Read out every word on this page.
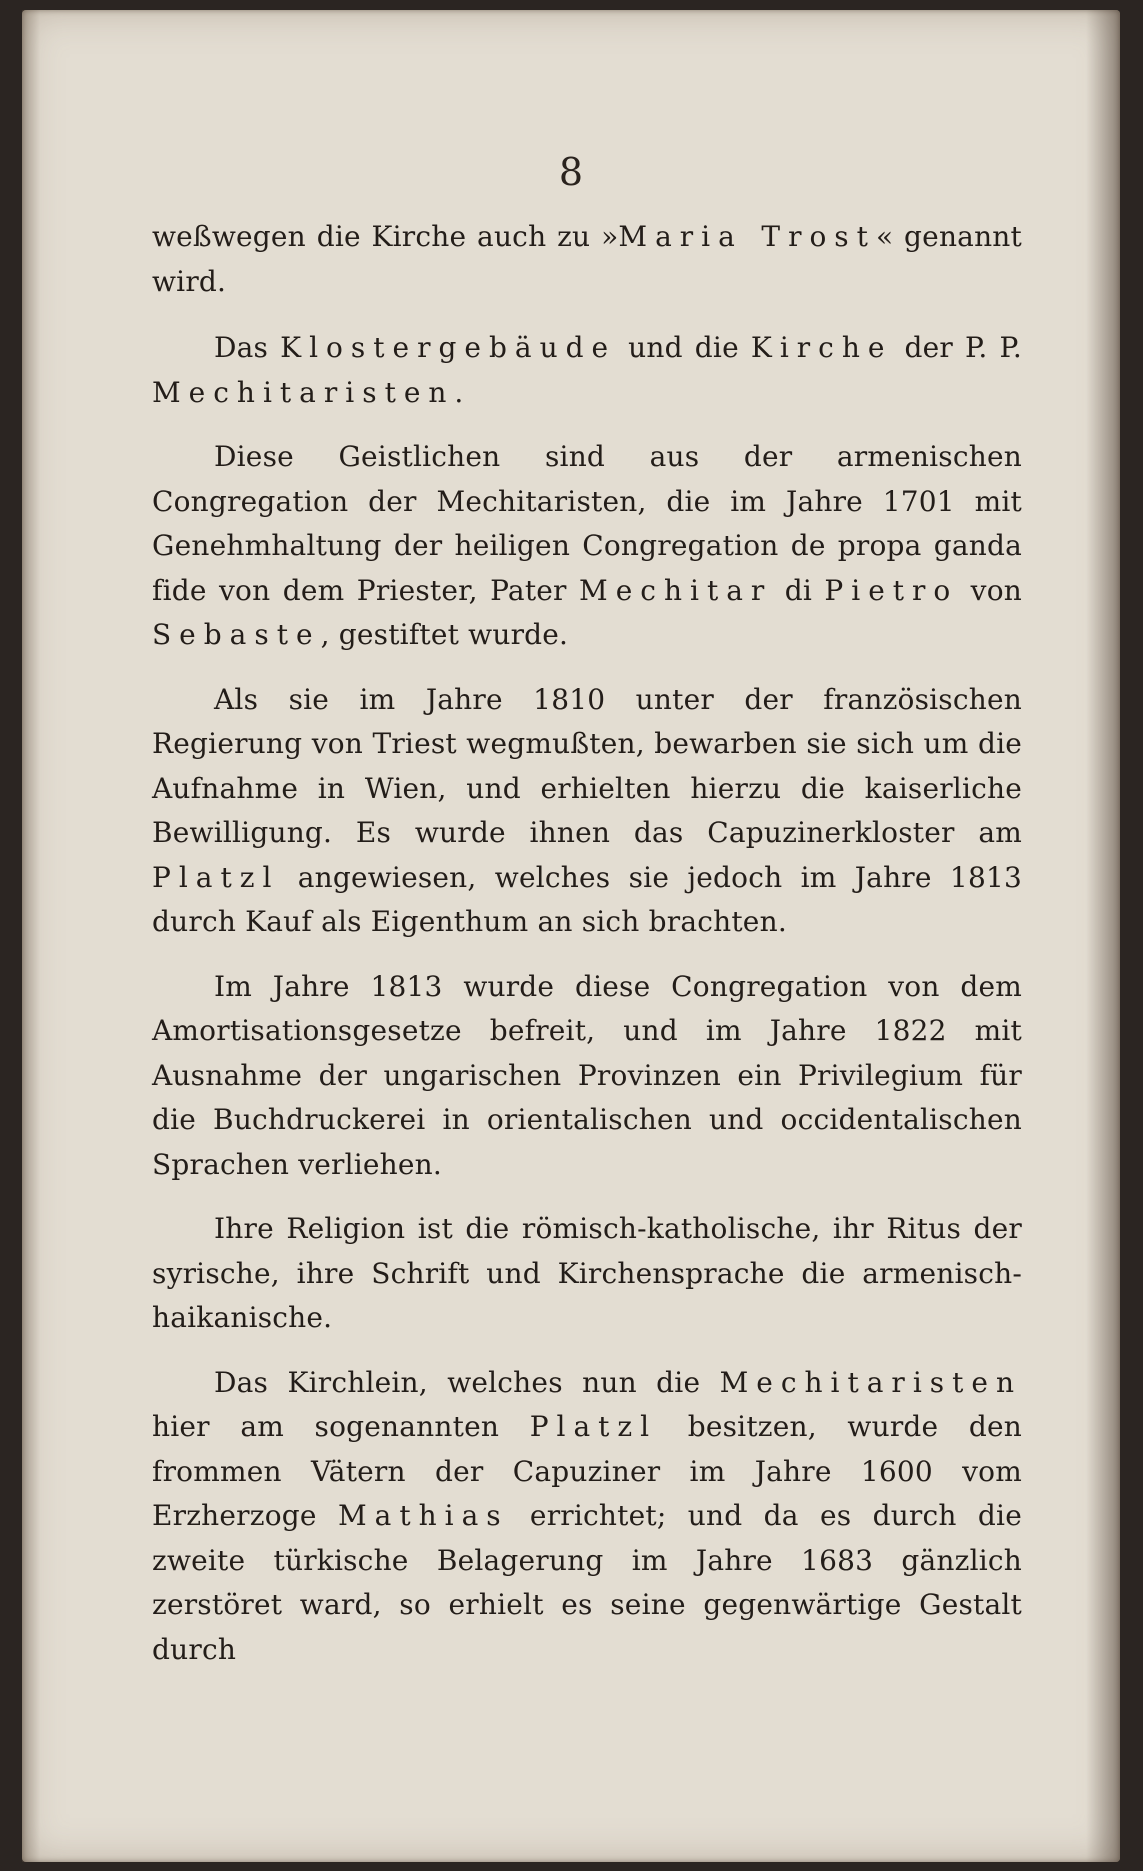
8

weßwegen die Kirche auch zu »Maria Trost« genannt wird.

Das Klostergebäude und die Kirche der P. P. Mechitaristen.

Diese Geistlichen sind aus der armenischen Congregation der Mechitaristen, die im Jahre 1701 mit Genehmhaltung der heiligen Congregation de propa ganda fide von dem Priester, Pater Mechitar di Pietro von Sebaste, gestiftet wurde.

Als sie im Jahre 1810 unter der französischen Regierung von Triest wegmußten, bewarben sie sich um die Aufnahme in Wien, und erhielten hierzu die kaiserliche Bewilligung. Es wurde ihnen das Capuzinerkloster am Platzl angewiesen, welches sie jedoch im Jahre 1813 durch Kauf als Eigenthum an sich brachten.

Im Jahre 1813 wurde diese Congregation von dem Amortisationsgesetze befreit, und im Jahre 1822 mit Ausnahme der ungarischen Provinzen ein Privilegium für die Buchdruckerei in orientalischen und occidentalischen Sprachen verliehen.

Ihre Religion ist die römisch-katholische, ihr Ritus der syrische, ihre Schrift und Kirchensprache die armenisch-haikanische.

Das Kirchlein, welches nun die Mechitaristen hier am sogenannten Platzl besitzen, wurde den frommen Vätern der Capuziner im Jahre 1600 vom Erzherzoge Mathias errichtet; und da es durch die zweite türkische Belagerung im Jahre 1683 gänzlich zerstöret ward, so erhielt es seine gegenwärtige Gestalt durch
